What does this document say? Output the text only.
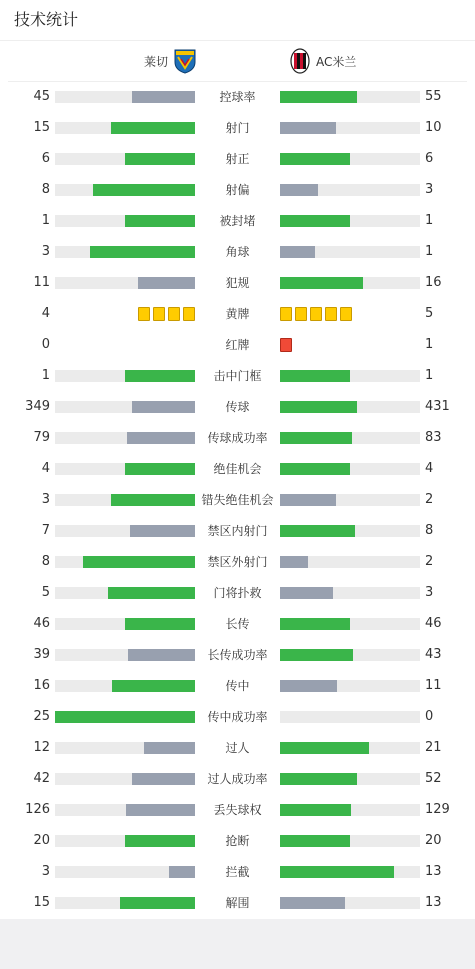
技术统计
莱切	AC米兰
45	控球率	55
15	射门	10
6	射正	6
8	射偏	3
1	被封堵	1
3	角球	1
11	犯规	16
4	黄牌	5
0	红牌	1
1	击中门框	1
349	传球	431
79	传球成功率	83
4	绝佳机会	4
3	错失绝佳机会	2
7	禁区内射门	8
8	禁区外射门	2
5	门将扑救	3
46	长传	46
39	长传成功率	43
16	传中	11
25	传中成功率	0
12	过人	21
42	过人成功率	52
126	丢失球权	129
20	抢断	20
3	拦截	13
15	解围	13
